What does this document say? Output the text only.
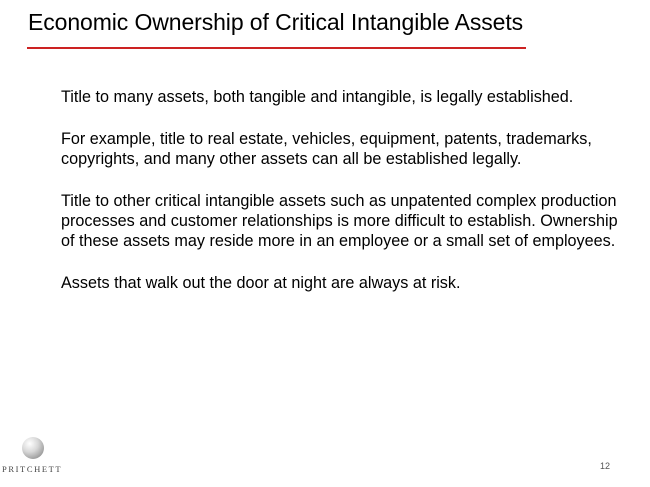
Economic Ownership of Critical Intangible Assets

Title to many assets, both tangible and intangible, is legally established.

For example, title to real estate, vehicles, equipment, patents, trademarks, copyrights, and many other assets can all be established legally.

Title to other critical intangible assets such as unpatented complex production processes and customer relationships is more difficult to establish. Ownership of these assets may reside more in an employee or a small set of employees.

Assets that walk out the door at night are always at risk.

PRITCHETT	12
